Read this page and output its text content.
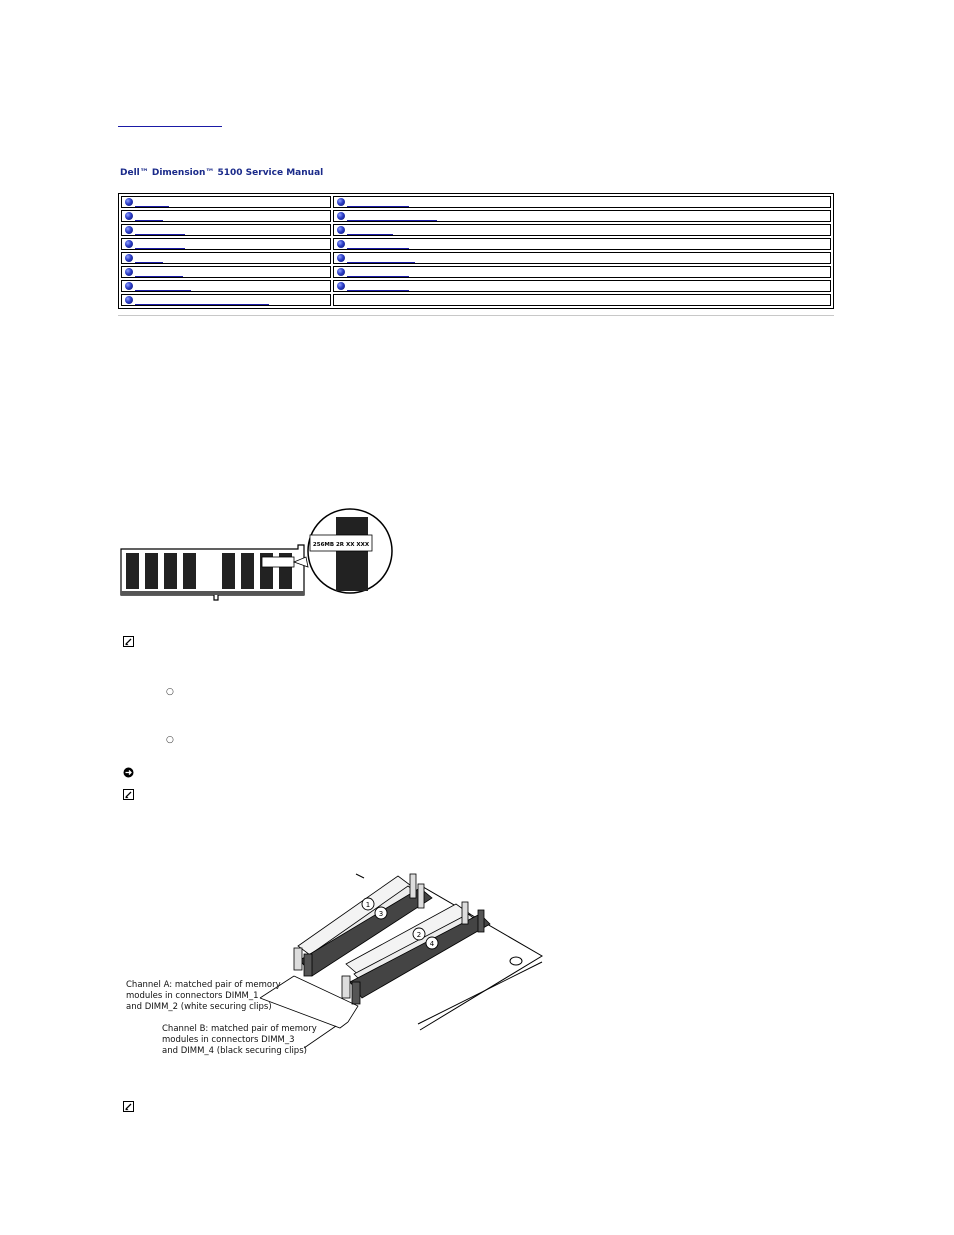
Dell™ Dimension™ 5100 Service Manual

256MB 2R XX XXX
○
○
1
3
2
4
Channel A: matched pair of memory
modules in connectors DIMM_1
and DIMM_2 (white securing clips)
Channel B: matched pair of memory
modules in connectors DIMM_3
and DIMM_4 (black securing clips)
